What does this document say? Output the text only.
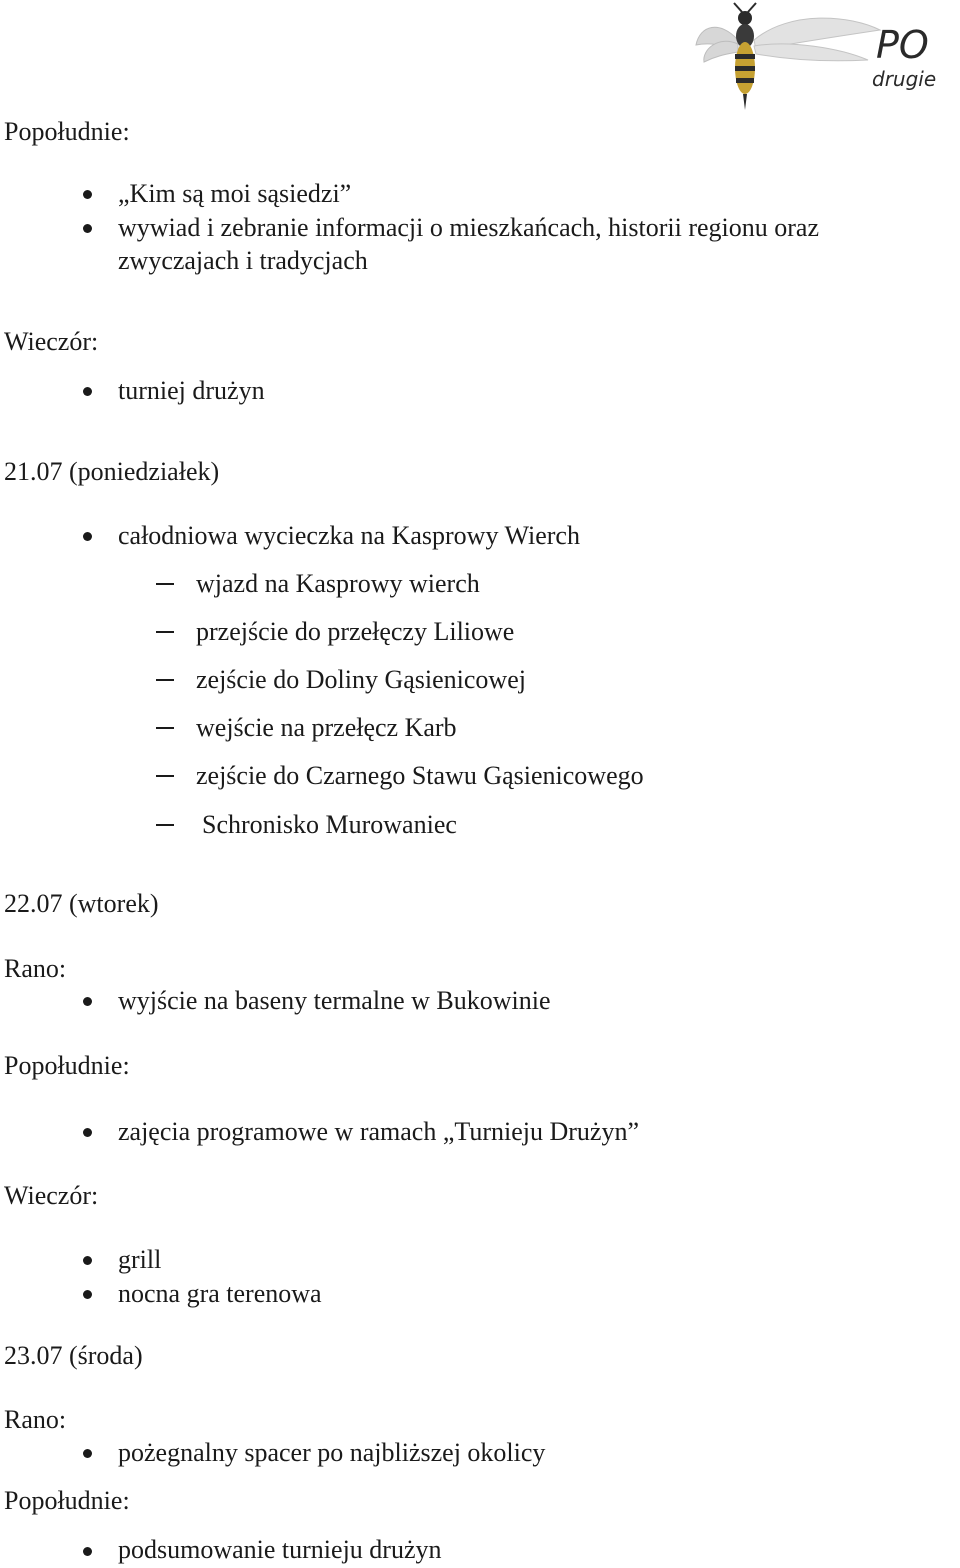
PO
drugie
Popołudnie:
„Kim są moi sąsiedzi”
wywiad i zebranie informacji o mieszkańcach, historii regionu oraz
zwyczajach i tradycjach
Wieczór:
turniej drużyn
21.07 (poniedziałek)
całodniowa wycieczka na Kasprowy Wierch
wjazd na Kasprowy wierch
przejście do przełęczy Liliowe
zejście do Doliny Gąsienicowej
wejście na przełęcz Karb
zejście do Czarnego Stawu Gąsienicowego
Schronisko Murowaniec
22.07 (wtorek)
Rano:
wyjście na baseny termalne w Bukowinie
Popołudnie:
zajęcia programowe w ramach „Turnieju Drużyn”
Wieczór:
grill
nocna gra terenowa
23.07 (środa)
Rano:
pożegnalny spacer po najbliższej okolicy
Popołudnie:
podsumowanie turnieju drużyn
